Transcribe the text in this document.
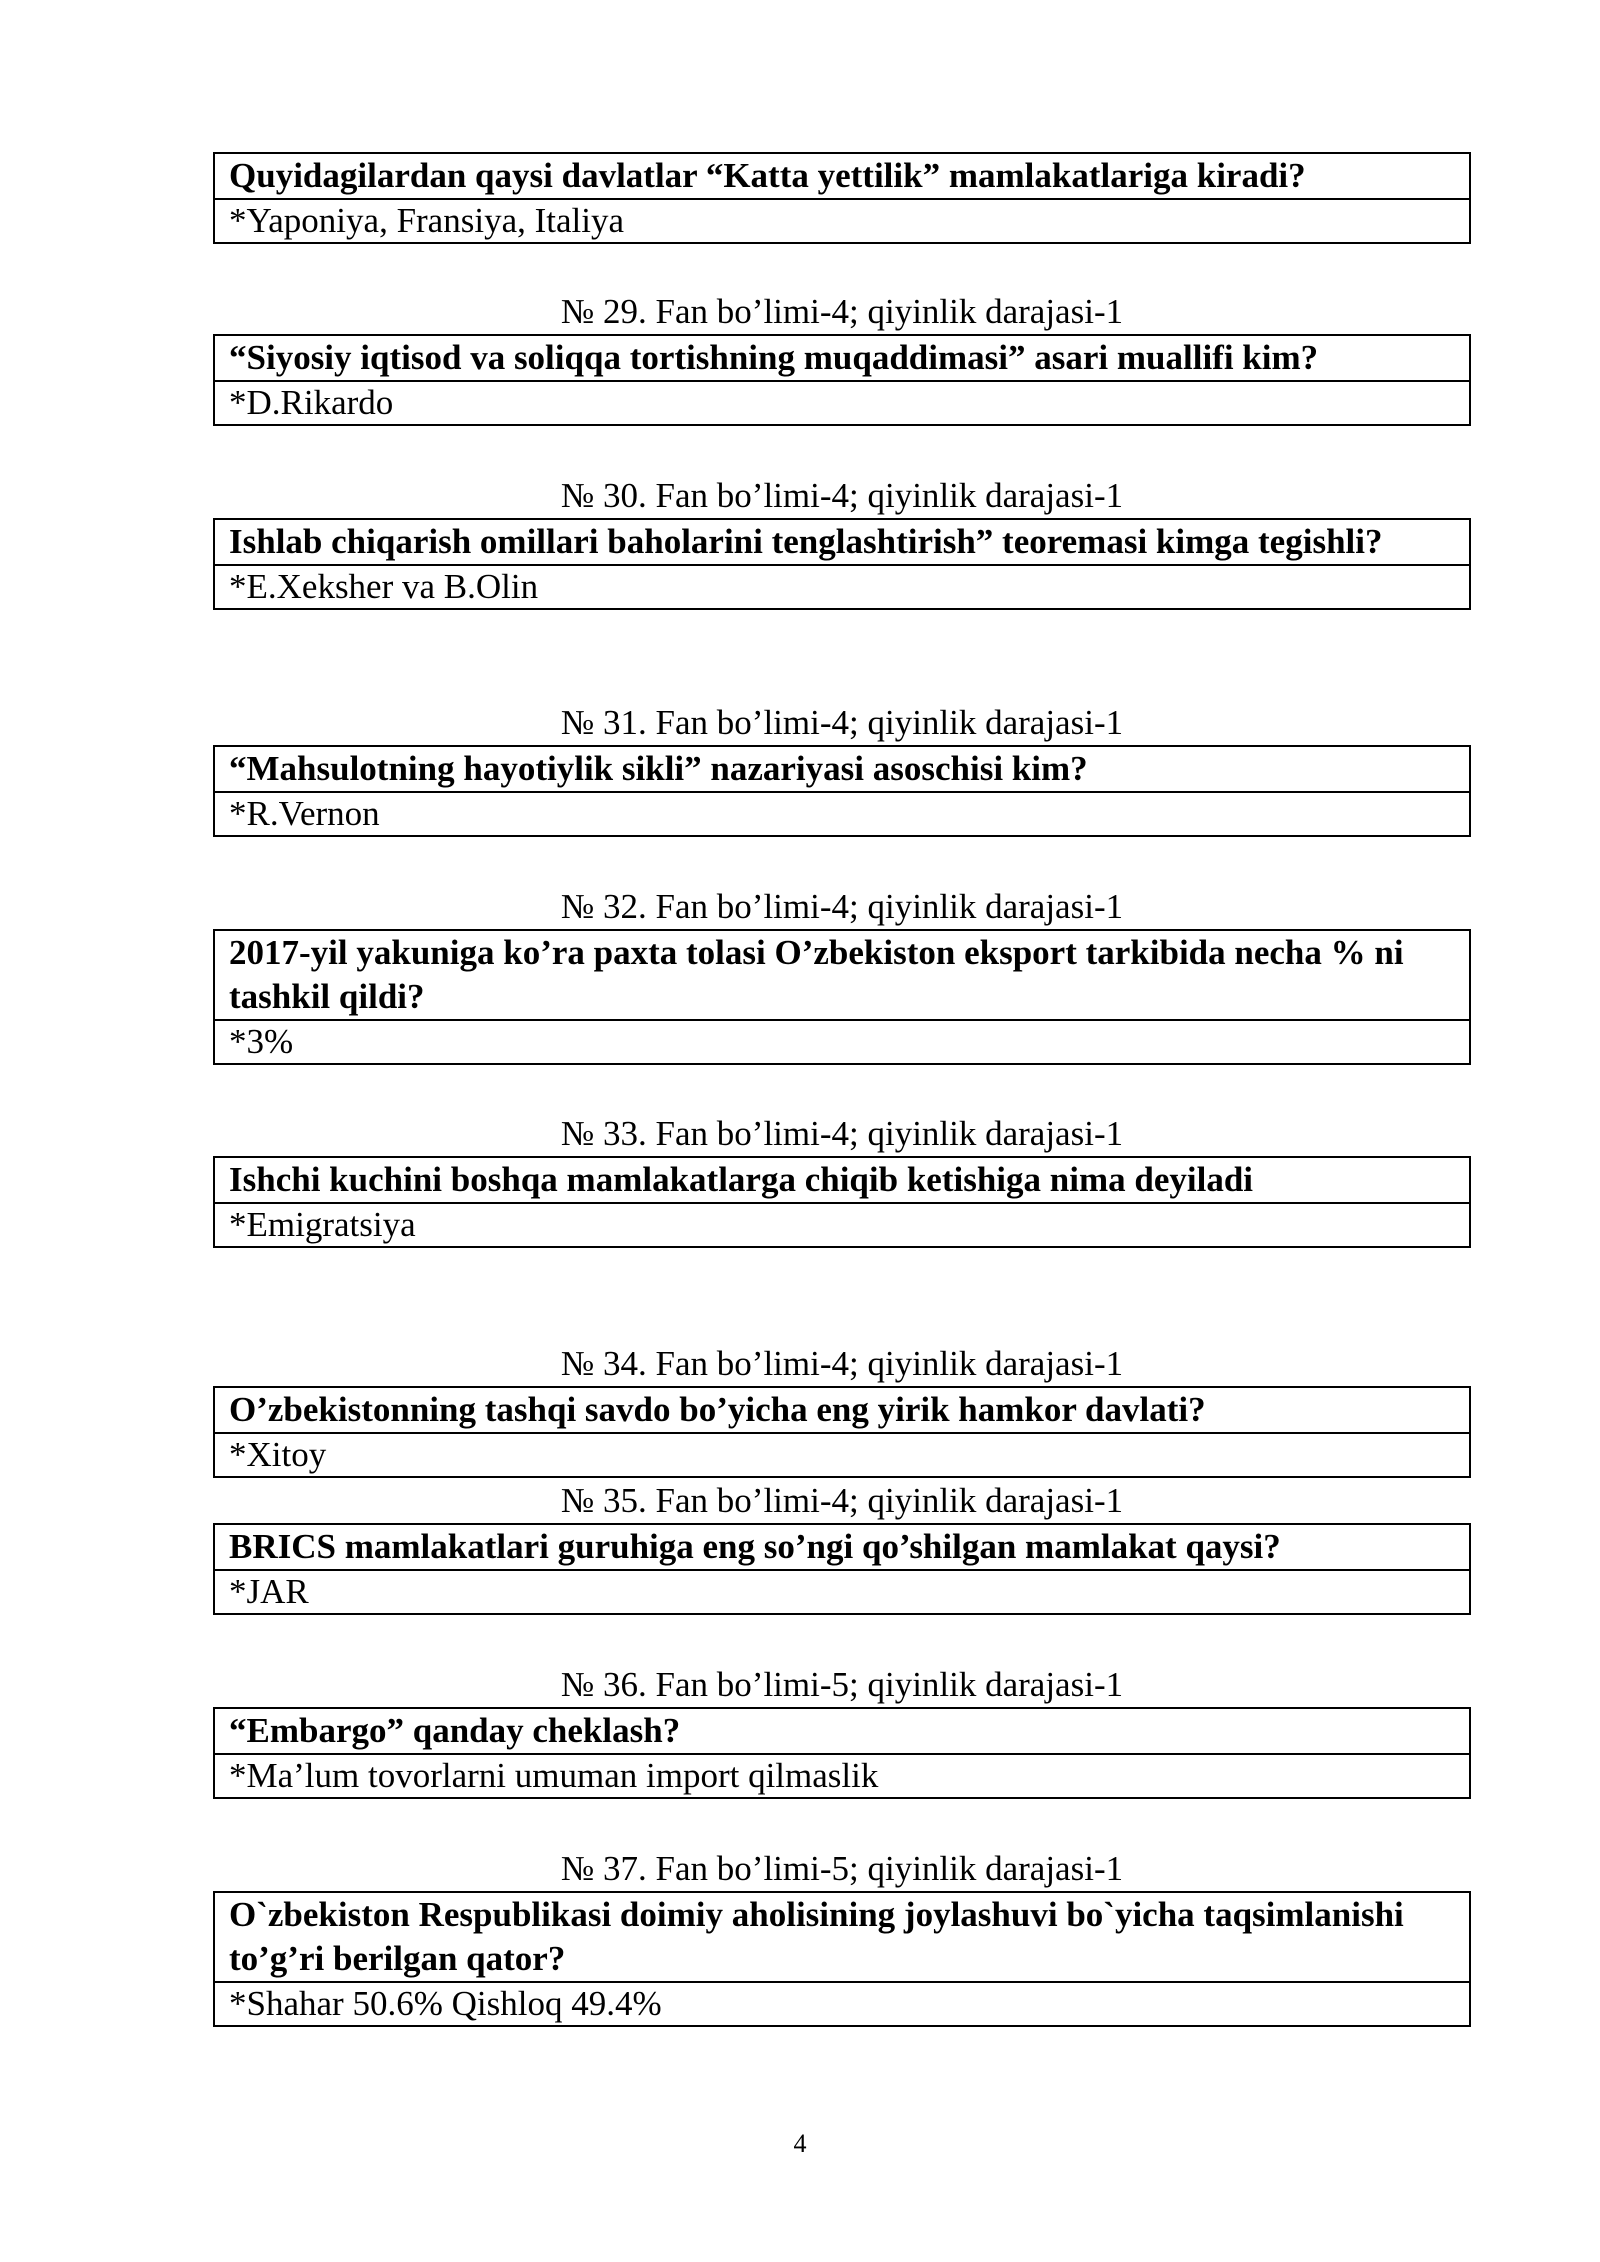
Quyidagilardan qaysi davlatlar “Katta yettilik” mamlakatlariga kiradi?
*Yaponiya, Fransiya, Italiya
№ 29. Fan bo’limi-4; qiyinlik darajasi-1
“Siyosiy iqtisod va soliqqa tortishning muqaddimasi” asari muallifi kim?
*D.Rikardo
№ 30. Fan bo’limi-4; qiyinlik darajasi-1
Ishlab chiqarish omillari baholarini tenglashtirish” teoremasi kimga tegishli?
*E.Xeksher va B.Olin
№ 31. Fan bo’limi-4; qiyinlik darajasi-1
“Mahsulotning hayotiylik sikli” nazariyasi asoschisi kim?
*R.Vernon
№ 32. Fan bo’limi-4; qiyinlik darajasi-1
2017-yil yakuniga ko’ra paxta tolasi O’zbekiston eksport tarkibida necha % ni tashkil qildi?
*3%
№ 33. Fan bo’limi-4; qiyinlik darajasi-1
Ishchi kuchini boshqa mamlakatlarga chiqib ketishiga nima deyiladi
*Emigratsiya
№ 34. Fan bo’limi-4; qiyinlik darajasi-1
O’zbekistonning tashqi savdo bo’yicha eng yirik hamkor davlati?
*Xitoy
№ 35. Fan bo’limi-4; qiyinlik darajasi-1
BRICS mamlakatlari guruhiga eng so’ngi qo’shilgan mamlakat qaysi?
*JAR
№ 36. Fan bo’limi-5; qiyinlik darajasi-1
“Embargo” qanday cheklash?
*Ma’lum tovorlarni umuman import qilmaslik
№ 37. Fan bo’limi-5; qiyinlik darajasi-1
O`zbekiston Respublikasi doimiy aholisining joylashuvi bo`yicha taqsimlanishi to’g’ri berilgan qator?
*Shahar 50.6% Qishloq 49.4%
4
